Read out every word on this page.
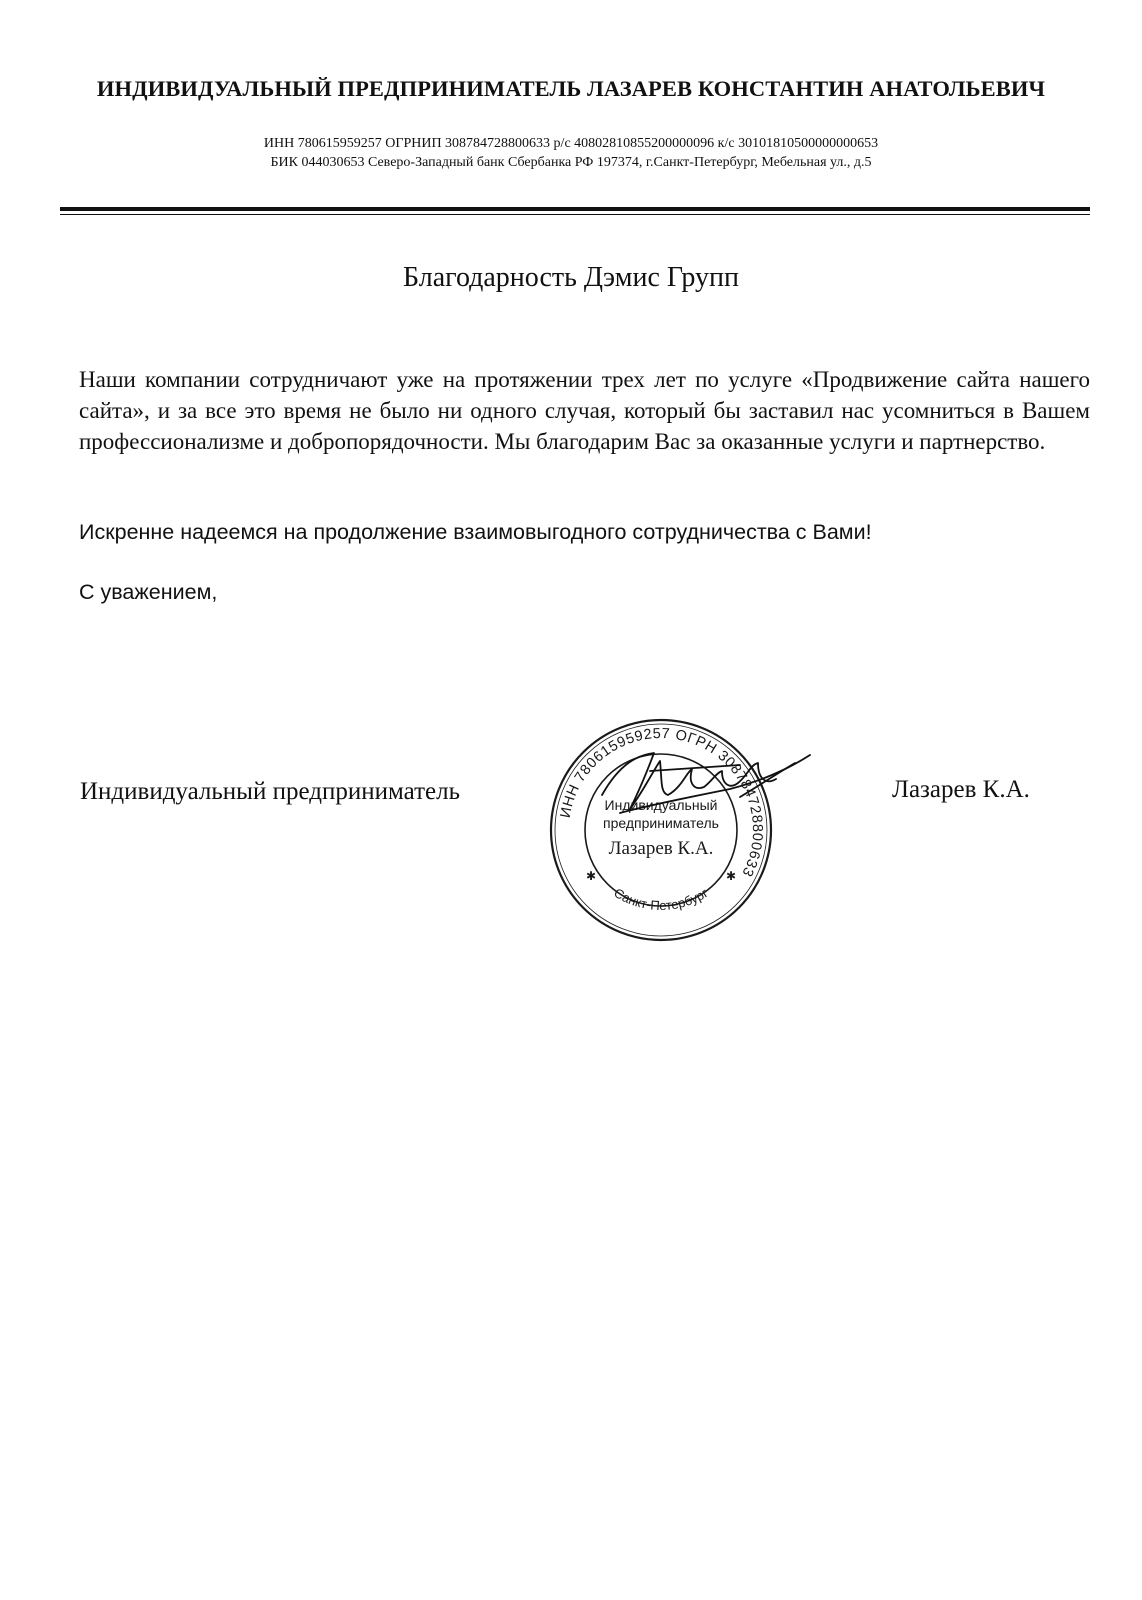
ИНДИВИДУАЛЬНЫЙ ПРЕДПРИНИМАТЕЛЬ ЛАЗАРЕВ КОНСТАНТИН АНАТОЛЬЕВИЧ
ИНН 780615959257 ОГРНИП 308784728800633 р/с 40802810855200000096 к/с 30101810500000000653
БИК 044030653 Северо-Западный банк Сбербанка РФ 197374, г.Санкт-Петербург, Мебельная ул., д.5
Благодарность Дэмис Групп
Наши компании сотрудничают уже на протяжении трех лет по услуге «Продвижение сайта нашего сайта», и за все это время не было ни одного случая, который бы заставил нас усомниться в Вашем профессионализме и добропорядочности. Мы благодарим Вас за оказанные услуги и партнерство.
Искренне надеемся на продолжение взаимовыгодного сотрудничества с Вами!
С уважением,
Индивидуальный предприниматель	Лазарев К.А.
ИНН 780615959257 ОГРН 308784728800633
Санкт-Петербург
Индивидуальный
предприниматель
Лазарев К.А.
✱	✱
